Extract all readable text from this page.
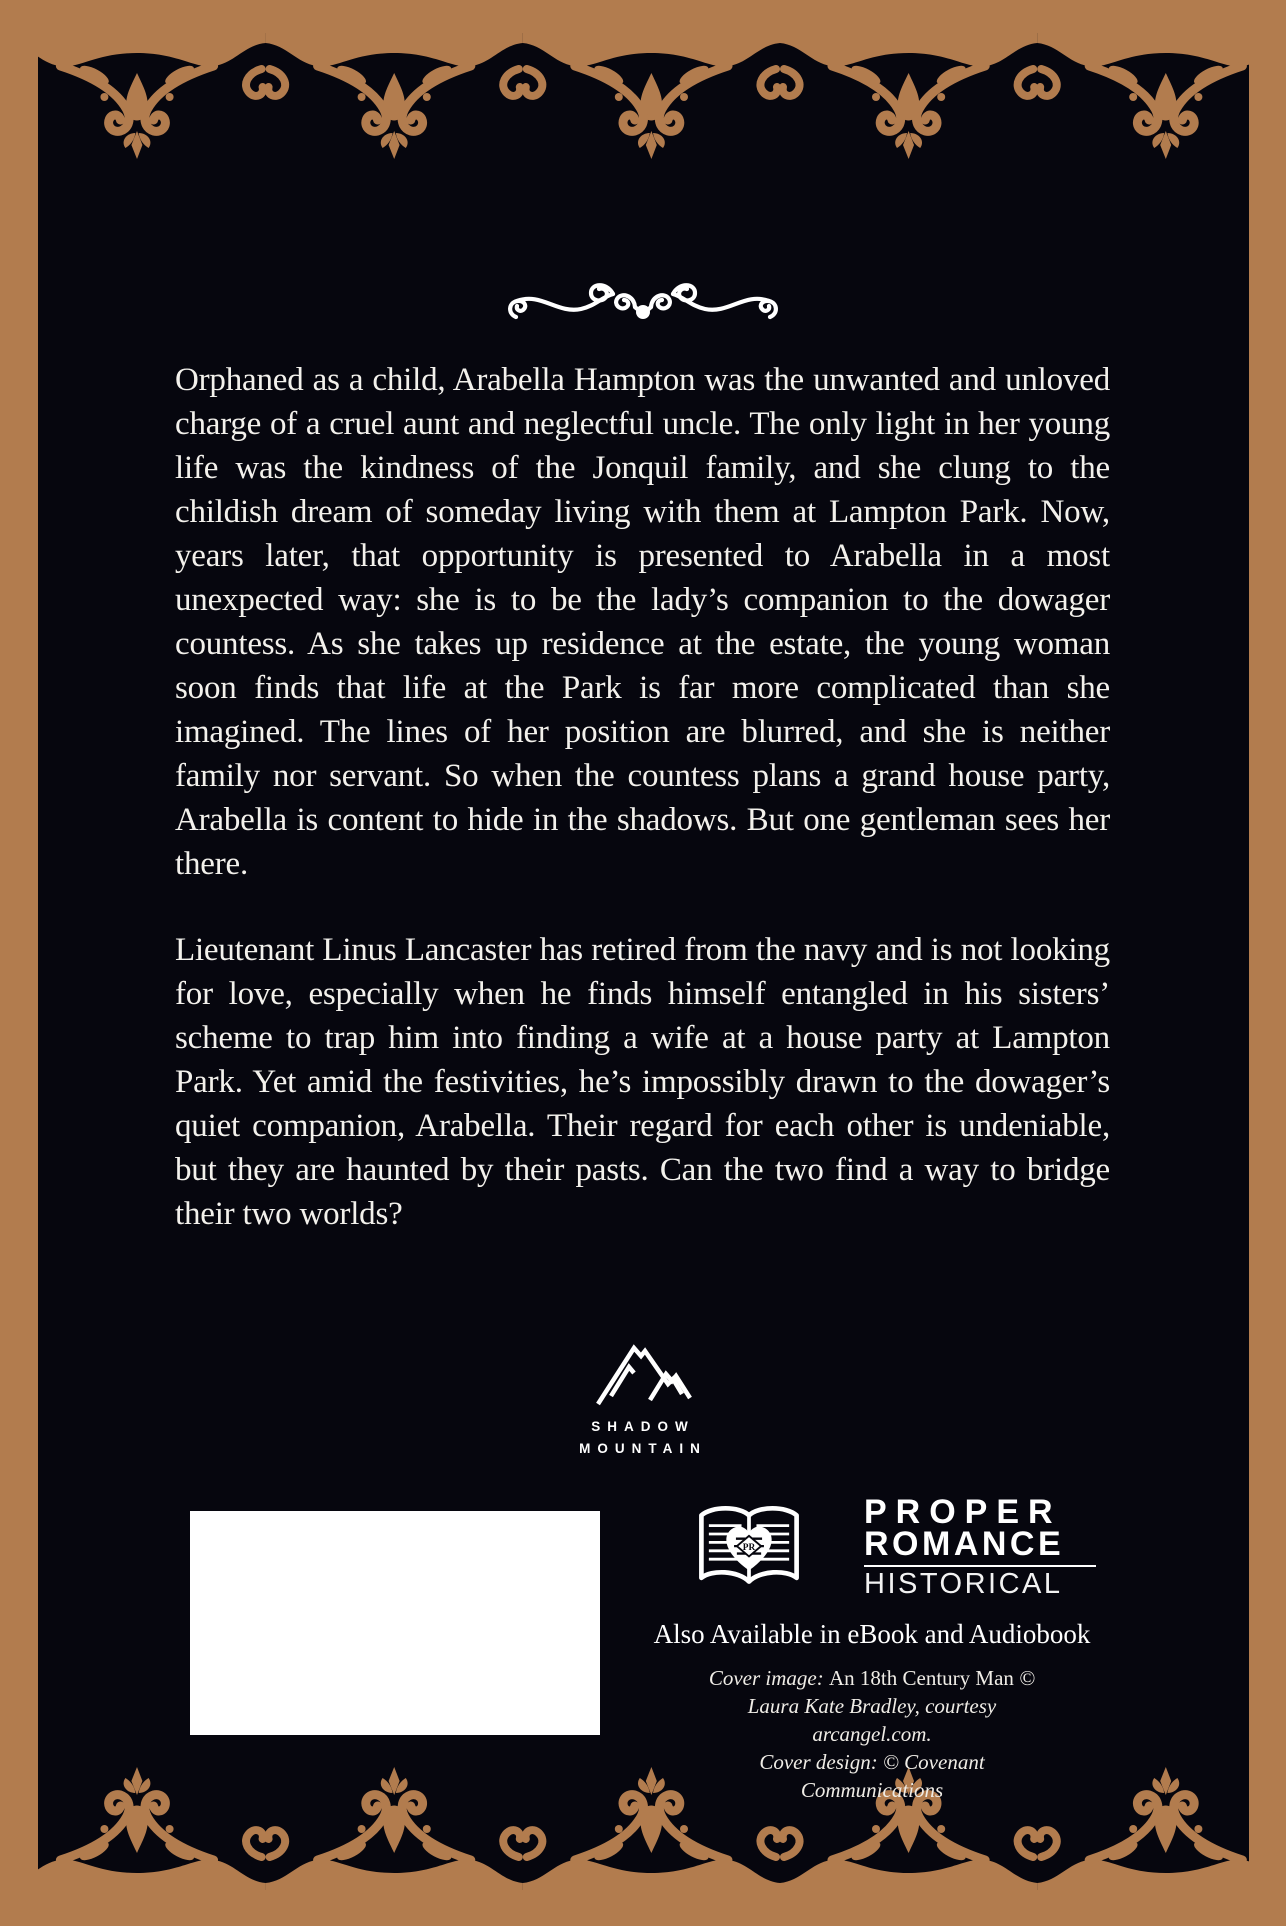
Orphaned as a child, Arabella Hampton was the unwanted and unloved charge of a cruel aunt and neglectful uncle. The only light in her young life was the kindness of the Jonquil family, and she clung to the childish dream of someday living with them at Lampton Park. Now, years later, that opportunity is presented to Arabella in a most unexpected way: she is to be the lady’s companion to the dowager countess. As she takes up residence at the estate, the young woman soon finds that life at the Park is far more complicated than she imagined. The lines of her position are blurred, and she is neither family nor servant. So when the countess plans a grand house party, Arabella is content to hide in the shadows. But one gentleman sees her there.

Lieutenant Linus Lancaster has retired from the navy and is not looking for love, especially when he finds himself entangled in his sisters’ scheme to trap him into finding a wife at a house party at Lampton Park. Yet amid the festivities, he’s impossibly drawn to the dowager’s quiet companion, Arabella. Their regard for each other is undeniable, but they are haunted by their pasts. Can the two find a way to bridge their two worlds?

SHADOW
MOUNTAIN
PR
PROPER
ROMANCE
HISTORICAL
Also Available in eBook and Audiobook
Cover image: An 18th Century Man © Laura Kate Bradley, courtesy arcangel.com.
Cover design: © Covenant Communications
